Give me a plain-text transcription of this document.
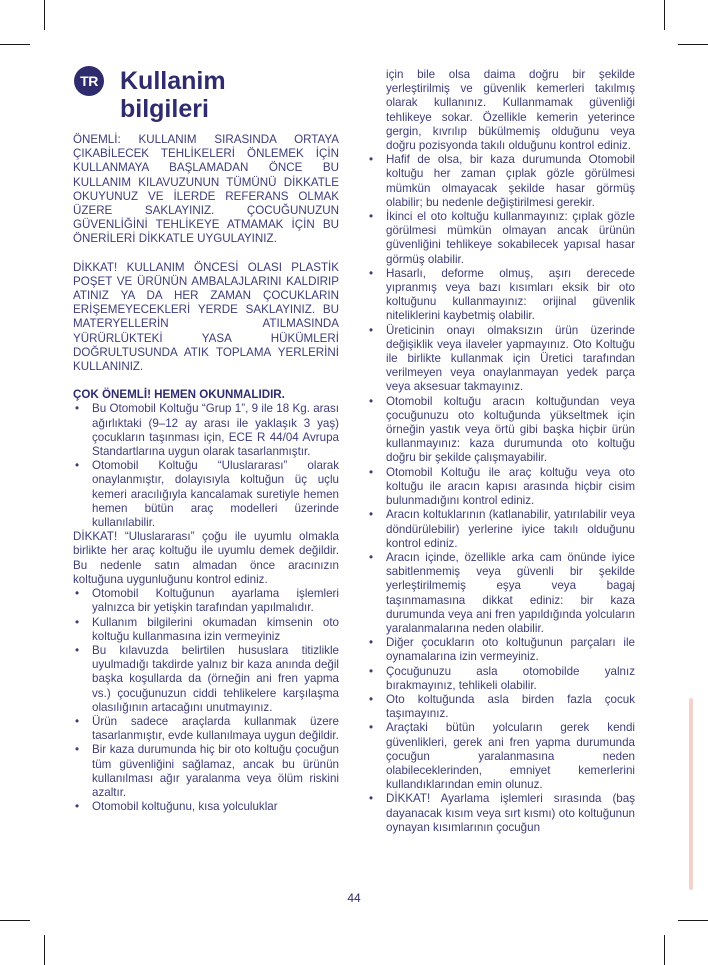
TR Kullanim
bilgileri

ÖNEMLİ: KULLANIM SIRASINDA ORTAYA ÇIKABİLECEK TEHLİKELERİ ÖNLEMEK İÇİN KULLANMAYA BAŞLAMADAN ÖNCE BU KULLANIM KILAVUZUNUN TÜMÜNÜ DİKKATLE OKUYUNUZ VE İLERDE REFERANS OLMAK ÜZERE SAKLAYINIZ. ÇOCUĞUNUZUN GÜVENLİĞİNİ TEHLİKEYE ATMAMAK İÇİN BU ÖNERİLERİ DİKKATLE UYGULAYINIZ.

DİKKAT! KULLANIM ÖNCESİ OLASI PLASTİK POŞET VE ÜRÜNÜN AMBALAJLARINI KALDIRIP ATINIZ YA DA HER ZAMAN ÇOCUKLARIN ERİŞEMEYECEKLERİ YERDE SAKLAYINIZ. BU MATERYELLERİN ATILMASINDA YÜRÜRLÜKTEKİ YASA HÜKÜMLERİ DOĞRULTUSUNDA ATIK TOPLAMA YERLERİNİ KULLANINIZ.

ÇOK ÖNEMLİ! HEMEN OKUNMALIDIR.

• Bu Otomobil Koltuğu “Grup 1”, 9 ile 18 Kg. arası ağırlıktaki (9–12 ay arası ile yaklaşık 3 yaş) çocukların taşınması için, ECE R 44/04 Avrupa Standartlarına uygun olarak tasarlanmıştır.
• Otomobil Koltuğu “Uluslararası” olarak onaylanmıştır, dolayısıyla koltuğun üç uçlu kemeri aracılığıyla kancalamak suretiyle hemen hemen bütün araç modelleri üzerinde kullanılabilir.

DİKKAT! “Uluslararası” çoğu ile uyumlu olmakla birlikte her araç koltuğu ile uyumlu demek değildir. Bu nedenle satın almadan önce aracınızın koltuğuna uygunluğunu kontrol ediniz.

• Otomobil Koltuğunun ayarlama işlemleri yalnızca bir yetişkin tarafından yapılmalıdır.
• Kullanım bilgilerini okumadan kimsenin oto koltuğu kullanmasına izin vermeyiniz
• Bu kılavuzda belirtilen hususlara titizlikle uyulmadığı takdirde yalnız bir kaza anında değil başka koşullarda da (örneğin ani fren yapma vs.) çocuğunuzun ciddi tehlikelere karşılaşma olasılığının artacağını unutmayınız.
• Ürün sadece araçlarda kullanmak üzere tasarlanmıştır, evde kullanılmaya uygun değildir.
• Bir kaza durumunda hiç bir oto koltuğu çocuğun tüm güvenliğini sağlamaz, ancak bu ürünün kullanılması ağır yaralanma veya ölüm riskini azaltır.
• Otomobil koltuğunu, kısa yolculuklar

için bile olsa daima doğru bir şekilde yerleştirilmiş ve güvenlik kemerleri takılmış olarak kullanınız. Kullanmamak güvenliği tehlikeye sokar. Özellikle kemerin yeterince gergin, kıvrılıp bükülmemiş olduğunu veya doğru pozisyonda takılı olduğunu kontrol ediniz.

• Hafif de olsa, bir kaza durumunda Otomobil koltuğu her zaman çıplak gözle görülmesi mümkün olmayacak şekilde hasar görmüş olabilir; bu nedenle değiştirilmesi gerekir.
• İkinci el oto koltuğu kullanmayınız: çıplak gözle görülmesi mümkün olmayan ancak ürünün güvenliğini tehlikeye sokabilecek yapısal hasar görmüş olabilir.
• Hasarlı, deforme olmuş, aşırı derecede yıpranmış veya bazı kısımları eksik bir oto koltuğunu kullanmayınız: orijinal güvenlik niteliklerini kaybetmiş olabilir.
• Üreticinin onayı olmaksızın ürün üzerinde değişiklik veya ilaveler yapmayınız. Oto Koltuğu ile birlikte kullanmak için Üretici tarafından verilmeyen veya onaylanmayan yedek parça veya aksesuar takmayınız.
• Otomobil koltuğu aracın koltuğundan veya çocuğunuzu oto koltuğunda yükseltmek için örneğin yastık veya örtü gibi başka hiçbir ürün kullanmayınız: kaza durumunda oto koltuğu doğru bir şekilde çalışmayabilir.
• Otomobil Koltuğu ile araç koltuğu veya oto koltuğu ile aracın kapısı arasında hiçbir cisim bulunmadığını kontrol ediniz.
• Aracın koltuklarının (katlanabilir, yatırılabilir veya döndürülebilir) yerlerine iyice takılı olduğunu kontrol ediniz.
• Aracın içinde, özellikle arka cam önünde iyice sabitlenmemiş veya güvenli bir şekilde yerleştirilmemiş eşya veya bagaj taşınmamasına dikkat ediniz: bir kaza durumunda veya ani fren yapıldığında yolcuların yaralanmalarına neden olabilir.
• Diğer çocukların oto koltuğunun parçaları ile oynamalarına izin vermeyiniz.
• Çocuğunuzu asla otomobilde yalnız bırakmayınız, tehlikeli olabilir.
• Oto koltuğunda asla birden fazla çocuk taşımayınız.
• Araçtaki bütün yolcuların gerek kendi güvenlikleri, gerek ani fren yapma durumunda çocuğun yaralanmasına neden olabileceklerinden, emniyet kemerlerini kullandıklarından emin olunuz.
• DİKKAT! Ayarlama işlemleri sırasında (baş dayanacak kısım veya sırt kısmı) oto koltuğunun oynayan kısımlarının çocuğun
44
